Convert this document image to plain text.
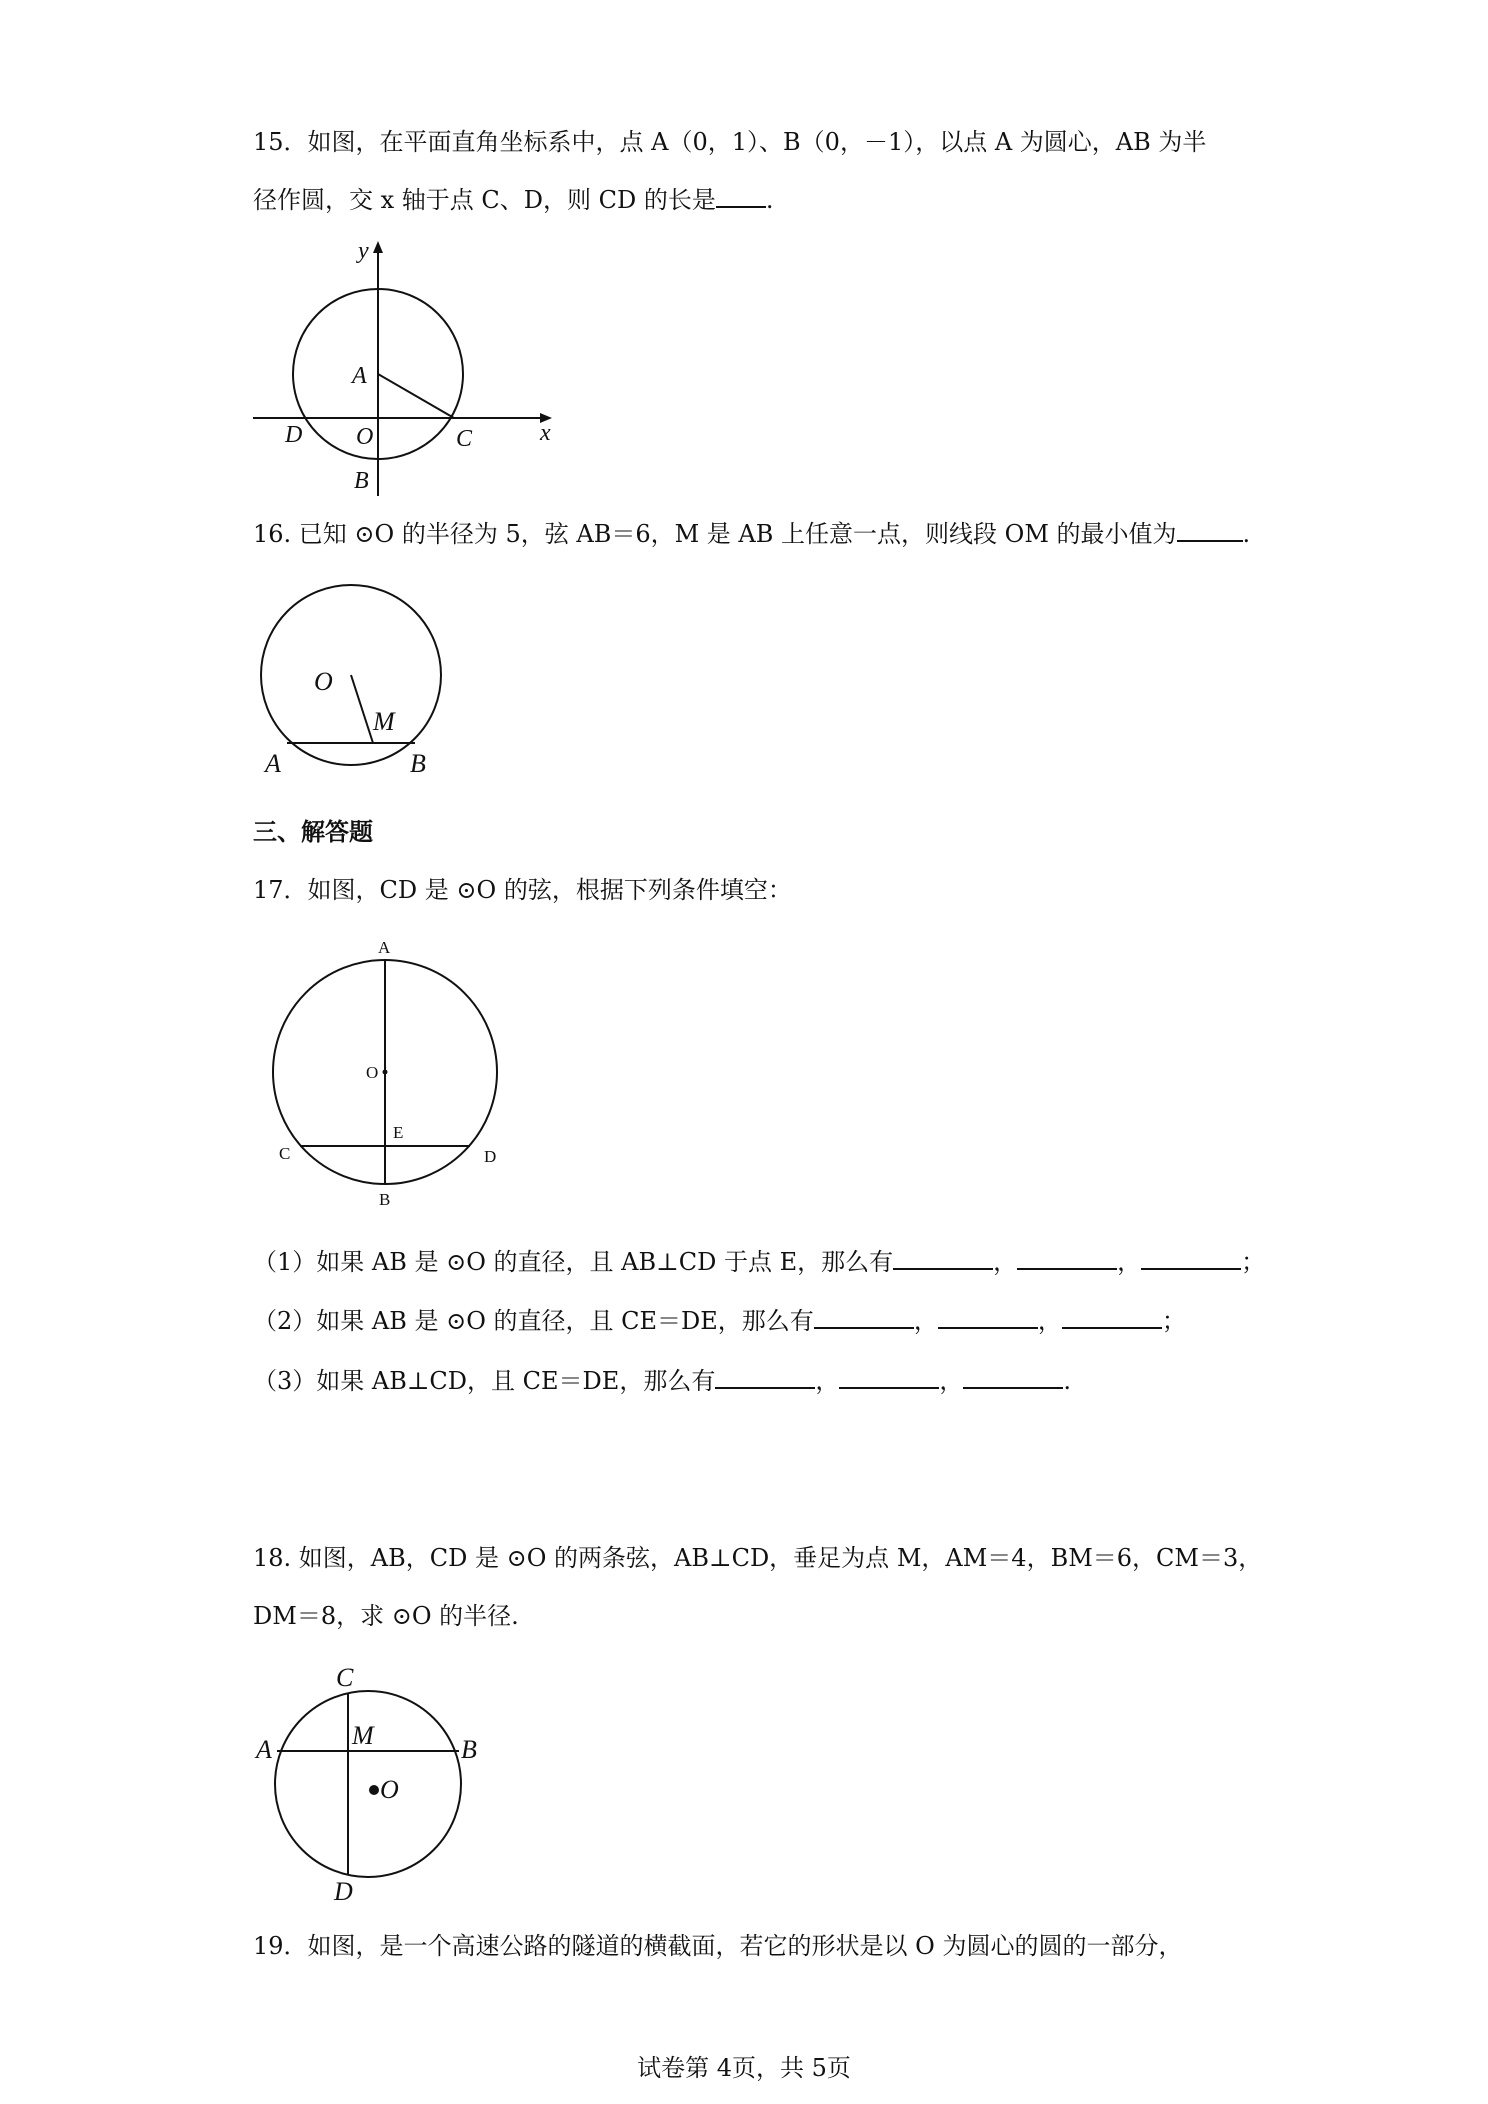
15．如图，在平面直角坐标系中，点 A（0，1）、B（0，－1），以点 A 为圆心，AB 为半
径作圆，交 x 轴于点 C、D，则 CD 的长是 .
y
x
A
O
B
C
D
16. 已知 ⊙O 的半径为 5，弦 AB＝6，M 是 AB 上任意一点，则线段 OM 的最小值为	.
O
M
A	B
三、解答题
17．如图，CD 是 ⊙O 的弦，根据下列条件填空：
A
O
E
C	D
B
（1）如果 AB 是 ⊙O 的直径，且 AB⊥CD 于点 E，那么有	，	，	；
（2）如果 AB 是 ⊙O 的直径，且 CE＝DE，那么有	，	，	；
（3）如果 AB⊥CD，且 CE＝DE，那么有	，	，	.
18. 如图，AB，CD 是 ⊙O 的两条弦，AB⊥CD，垂足为点 M，AM＝4，BM＝6，CM＝3，
DM＝8，求 ⊙O 的半径.
C
A	M	B
O
D
19．如图，是一个高速公路的隧道的横截面，若它的形状是以 O 为圆心的圆的一部分，
试卷第 4页，共 5页
